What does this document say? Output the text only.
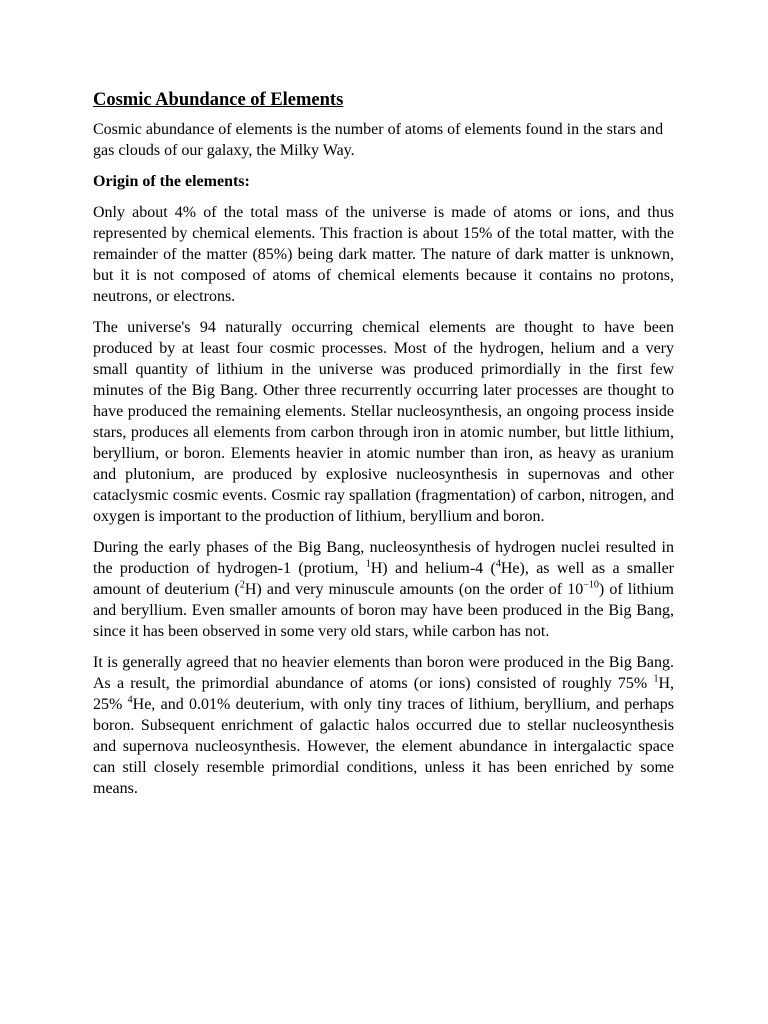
Cosmic Abundance of Elements

Cosmic abundance of elements is the number of atoms of elements found in the stars and gas clouds of our galaxy, the Milky Way.

Origin of the elements:

Only about 4% of the total mass of the universe is made of atoms or ions, and thus represented by chemical elements. This fraction is about 15% of the total matter, with the remainder of the matter (85%) being dark matter. The nature of dark matter is unknown, but it is not composed of atoms of chemical elements because it contains no protons, neutrons, or electrons.

The universe's 94 naturally occurring chemical elements are thought to have been produced by at least four cosmic processes. Most of the hydrogen, helium and a very small quantity of lithium in the universe was produced primordially in the first few minutes of the Big Bang. Other three recurrently occurring later processes are thought to have produced the remaining elements. Stellar nucleosynthesis, an ongoing process inside stars, produces all elements from carbon through iron in atomic number, but little lithium, beryllium, or boron. Elements heavier in atomic number than iron, as heavy as uranium and plutonium, are produced by explosive nucleosynthesis in supernovas and other cataclysmic cosmic events. Cosmic ray spallation (fragmentation) of carbon, nitrogen, and oxygen is important to the production of lithium, beryllium and boron.

During the early phases of the Big Bang, nucleosynthesis of hydrogen nuclei resulted in the production of hydrogen-1 (protium, $^1$H) and helium-4 ($^4$He), as well as a smaller amount of deuterium ($^2$H) and very minuscule amounts (on the order of $10^{-10}$) of lithium and beryllium. Even smaller amounts of boron may have been produced in the Big Bang, since it has been observed in some very old stars, while carbon has not.

It is generally agreed that no heavier elements than boron were produced in the Big Bang. As a result, the primordial abundance of atoms (or ions) consisted of roughly 75% $^1$H, 25% $^4$He, and 0.01% deuterium, with only tiny traces of lithium, beryllium, and perhaps boron. Subsequent enrichment of galactic halos occurred due to stellar nucleosynthesis and supernova nucleosynthesis. However, the element abundance in intergalactic space can still closely resemble primordial conditions, unless it has been enriched by some means.
